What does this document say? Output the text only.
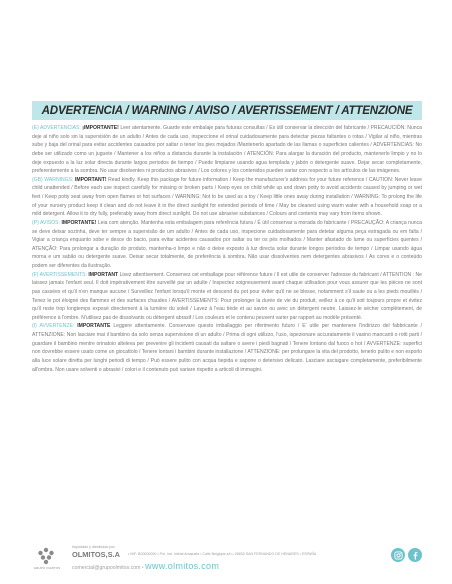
ADVERTENCIA / WARNING / AVISO / AVERTISSEMENT / ATTENZIONE

(E) ADVERTENCIAS: ¡IMPORTANTE! Leer atentamente. Guarde este embalaje para futuras consultas / Es útil conservar la dirección del fabricante / PRECAUCIÓN: Nunca deje al niño solo sin la supervisión de un adulto / Antes de cada uso, inspeccione el orinal cuidadosamente para detectar piezas faltantes o rotas / Vigilar al niño, mientras sube y baja del orinal para evitar accidentes causados por saltar o tener los pies mojados /Mantenerlo apartado de las llamas o superficies calientes / ADVERTENCIAS: No debe ser utilizado como un juguete / Mantener a los niños a distancia durante la instalación / ATENCIÓN: Para alargar la duración del producto, mantenerlo limpio y no lo deje expuesto a la luz solar directa durante largos periodos de tiempo / Puede limpiarse usando agua templada y jabón o detergente suave. Dejar secar completamente, preferentemente a la sombra. No usar disolventes ni productos abrasivos / Los colores y los contenidos pueden variar con respecto a los artículos de las imágenes.

(GB) WARNINGS: IMPORTANT! Read kindly. Keep this package for future information / Keep the manufacturer's address for your future reference / CAUTION: Never leave child unattended / Before each use inspect carefully for missing or broken parts / Keep eyes on child while up and down potty to avoid accidents caused by jumping or wet feet / Keep potty seat away from open flames or hot surfaces / WARNING: Not to be used as a toy / Keep little ones away during installation / WARNING: To prolong the life of your nursery product keep it clean and do not leave it in the direct sunlight for extended periods of time / May be cleaned using warm water with a household soap or a mild detergent. Allow it to dry fully, preferably away from direct sunlight. Do not use abrasive substances / Colours and contents may vary from items shown.

(P) AVISOS: IMPORTANTE! Leia com atenção. Mantenha esta embalagem para referência futura / É útil conservar a morada do fabricante / PRECAUÇÃO: A criança nunca se deve deixar sozinha, deve ter sempre a supervisão de um adulto / Antes de cada uso, inspecione cuidadosamente para detetar alguma peça estragada ou em falta / Vigiar a criança enquanto sobe e desce do bacio, para evitar acidentes causados por saltar ou ter os pés molhados / Manter afastado do lume ou superfícies quentes / ATENÇÃO: Para prolongar a duração do produto, mantenha-o limpo e não o deixe exposto à luz directa solar durante longos períodos de tempo / Limpar usando água morna e um sabão ou detergente suave. Deixar secar totalmente, de preferência à sombra. Não usar dissolventes nem detergentes abrasivos / As cores e o conteúdo podem ser diferentes da ilustração.

(F) AVERTISSEMENTS: IMPORTANT Lisez attentivement. Conservez cet emballage pour référence future / Il est utile de conserver l'adresse du fabricant / ATTENTION : Ne laissez jamais l'enfant seul. Il doit impérativement être surveillé par un adulte / Inspectez soigneusement avant chaque utilisation pour vous assurer que les pièces ne sont pas cassées et qu'il n'en manque aucune / Surveillez l'enfant lorsqu'il monte et descend du pot pour éviter qu'il ne se blesse, notamment s'il saute ou a les pieds mouillés / Tenez le pot éloigné des flammes et des surfaces chaudes / AVERTISSEMENTS: Pour prolonger la durée de vie du produit, veillez à ce qu'il soit toujours propre et évitez qu'il reste trop longtemps exposé directement à la lumière du soleil / Lavez à l'eau tiède et au savon ou avec un détergent neutre. Laissez-le sécher complètement, de préférence à l'ombre. N'utilisez pas de dissolvants ou détergent abrasif / Les couleurs et le contenu peuvent varier par rapport au modèle présenté.

(I) AVVERTENZE: IMPORTANTE Leggere attentamente. Conservare questo imballaggio per riferimento futuro / E' utile per mantenere l'indirizzo del fabbricante / ATTENZIONE: Non lasciare mai il bambino da solo senza supervisione di un adulto / Prima di ogni utilizzo, l'uso, ispezionare accuratamente il vasino mancanti o rotti parti / guardare il bambino mentre orinatoio alteleva per prevenire gli incidenti causati da saltare o avere i piedi bagnati / Tenere lontano dal fuoco o hot / AVVERTENZE: superfici non dovrebbe essere usato come un giocattolo / Tenere lontani i bambini durante installazione / ATTENZIONE: per prolungare la vita del prodotto, tenerlo pulito e non esporlo alla luce solare diretta per lunghi periodi di tempo / Può essere pulito con acqua tiepida e sapone o detersivo delicato. Lasciare asciugare completamente, preferibilmente all'ombra. Non usare solventi o abrasivi / colori e il contenuto può variare rispetto a articoli di immagini.

GRUPO OLMITOS
Importado y distribuido por:
OLMITOS,S.A • NIF: B00000000 • Pol. Ind. Intirial Amajuela • Calle Belgique,s/n • 28830 SAN FERNANDO DE HENARES • ESPAÑA
comercial@grupoolmitos.com • www.olmitos.com
